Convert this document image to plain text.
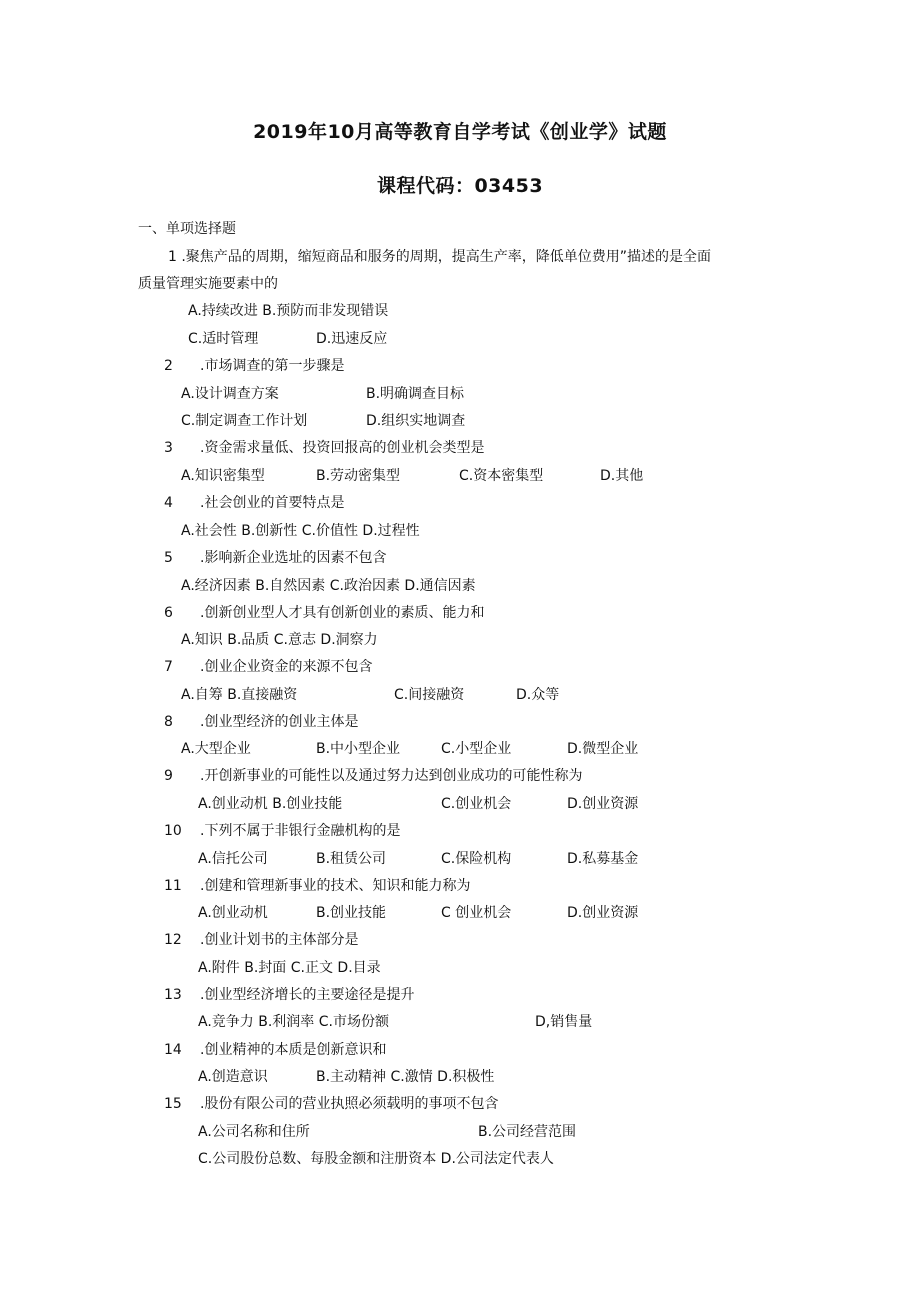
2019年10月高等教育自学考试《创业学》试题
课程代码：03453
一、单项选择题
1 .聚焦产品的周期，缩短商品和服务的周期，提高生产率，降低单位费用”描述的是全面
质量管理实施要素中的
A.持续改进 B.预防而非发现错误
C.适时管理	D.迅速反应
2 .市场调查的第一步骤是
A.设计调查方案	B.明确调查目标
C.制定调查工作计划	D.组织实地调查
3 .资金需求量低、投资回报高的创业机会类型是
A.知识密集型	B.劳动密集型	C.资本密集型	D.其他
4 .社会创业的首要特点是
A.社会性 B.创新性 C.价值性 D.过程性
5 .影响新企业选址的因素不包含
A.经济因素 B.自然因素 C.政治因素 D.通信因素
6 .创新创业型人才具有创新创业的素质、能力和
A.知识 B.品质 C.意志 D.洞察力
7 .创业企业资金的来源不包含
A.自筹 B.直接融资	C.间接融资	D.众等
8 .创业型经济的创业主体是
A.大型企业	B.中小型企业	C.小型企业	D.微型企业
9 .开创新事业的可能性以及通过努力达到创业成功的可能性称为
A.创业动机 B.创业技能	C.创业机会	D.创业资源
10 .下列不属于非银行金融机构的是
A.信托公司	B.租赁公司	C.保险机构	D.私募基金
11 .创建和管理新事业的技术、知识和能力称为
A.创业动机	B.创业技能	C 创业机会	D.创业资源
12 .创业计划书的主体部分是
A.附件 B.封面 C.正文 D.目录
13 .创业型经济增长的主要途径是提升
A.竞争力 B.利润率 C.市场份额	D,销售量
14 .创业精神的本质是创新意识和
A.创造意识	B.主动精神 C.激情 D.积极性
15 .股份有限公司的营业执照必须载明的事项不包含
A.公司名称和住所	B.公司经营范围
C.公司股份总数、每股金额和注册资本 D.公司法定代表人
